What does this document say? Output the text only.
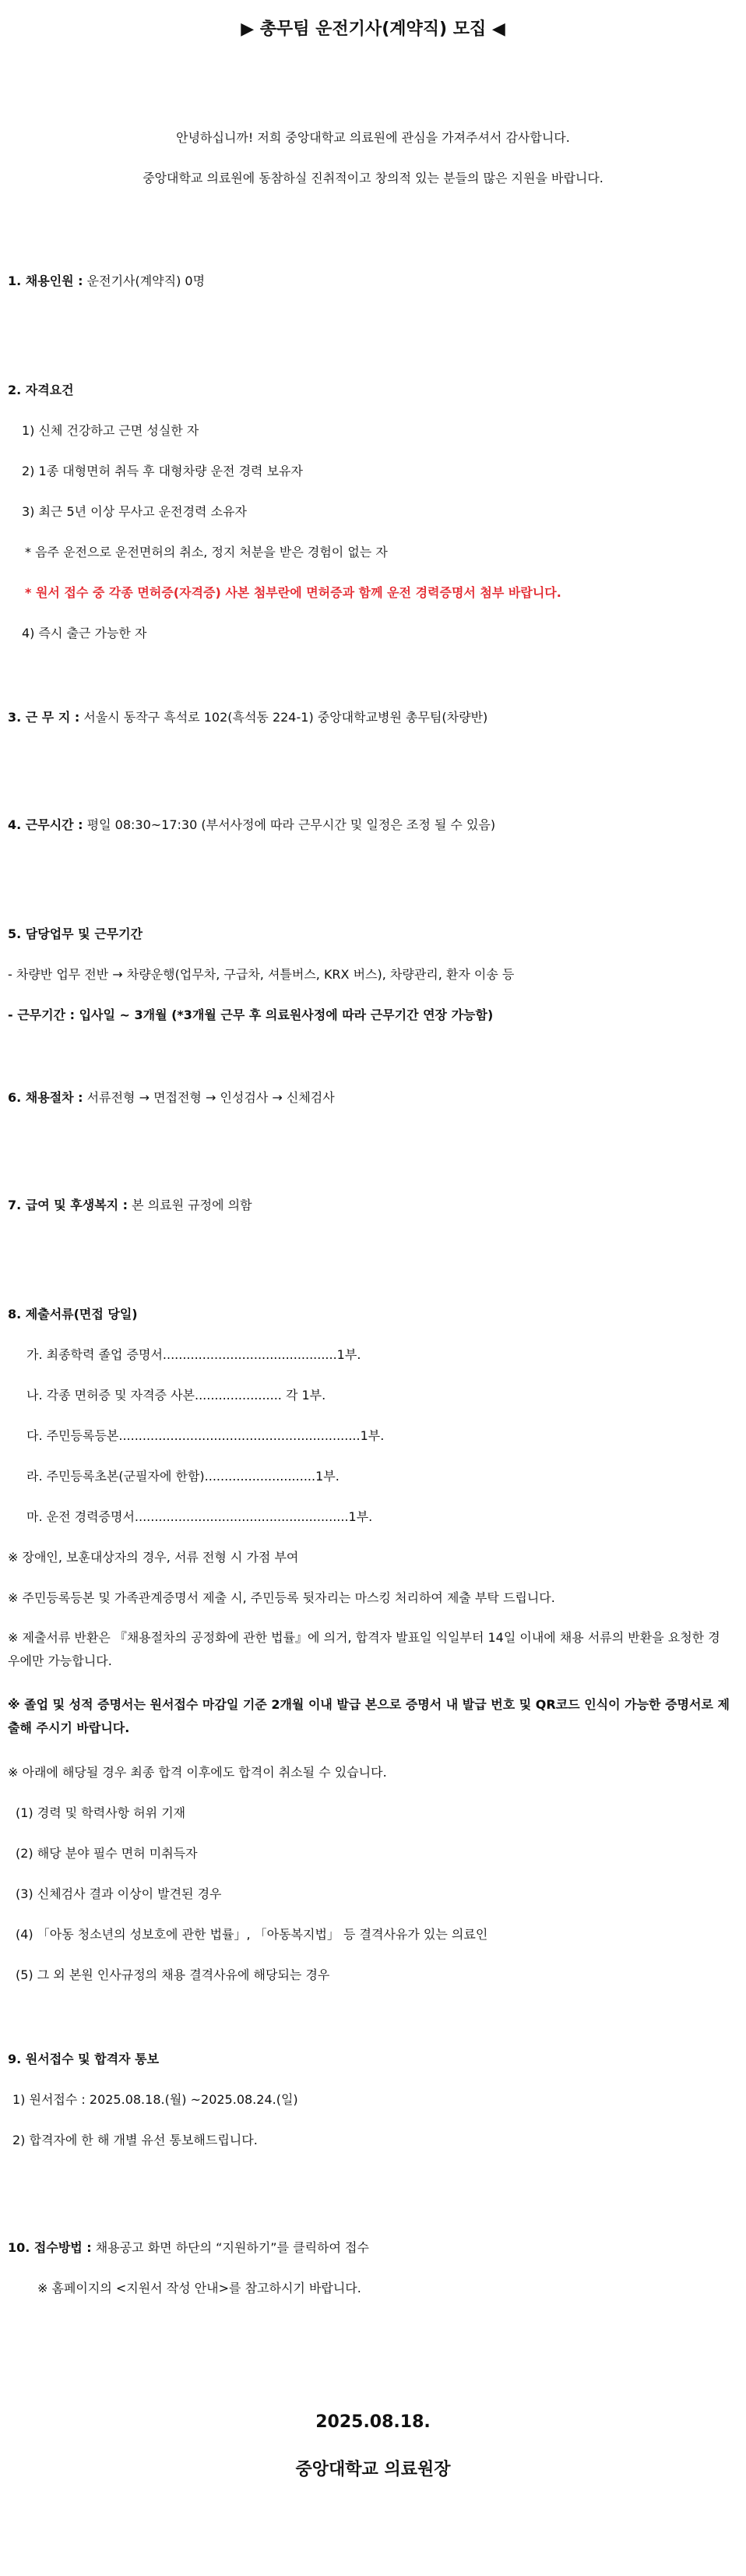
▶ 총무팀 운전기사(계약직) 모집 ◀
안녕하십니까! 저희 중앙대학교 의료원에 관심을 가져주셔서 감사합니다.
중앙대학교 의료원에 동참하실 진취적이고 창의적 있는 분들의 많은 지원을 바랍니다.
1. 채용인원 : 운전기사(계약직) 0명
2. 자격요건
1) 신체 건강하고 근면 성실한 자
2) 1종 대형면허 취득 후 대형차량 운전 경력 보유자
3) 최근 5년 이상 무사고 운전경력 소유자
* 음주 운전으로 운전면허의 취소, 정지 처분을 받은 경험이 없는 자
* 원서 접수 중 각종 면허증(자격증) 사본 첨부란에 면허증과 함께 운전 경력증명서 첨부 바랍니다.
4) 즉시 출근 가능한 자
3. 근 무 지 : 서울시 동작구 흑석로 102(흑석동 224-1) 중앙대학교병원 총무팀(차량반)
4. 근무시간 : 평일 08:30~17:30 (부서사정에 따라 근무시간 및 일정은 조정 될 수 있음)
5. 담당업무 및 근무기간
- 차량반 업무 전반 → 차량운행(업무차, 구급차, 셔틀버스, KRX 버스), 차량관리, 환자 이송 등
- 근무기간 : 입사일 ~ 3개월 (*3개월 근무 후 의료원사정에 따라 근무기간 연장 가능함)
6. 채용절차 : 서류전형 → 면접전형 → 인성검사 → 신체검사
7. 급여 및 후생복지 : 본 의료원 규정에 의함
8. 제출서류(면접 당일)
가. 최종학력 졸업 증명서............................................1부.
나. 각종 면허증 및 자격증 사본...................... 각 1부.
다. 주민등록등본.............................................................1부.
라. 주민등록초본(군필자에 한함)............................1부.
마. 운전 경력증명서......................................................1부.
※ 장애인, 보훈대상자의 경우, 서류 전형 시 가점 부여
※ 주민등록등본 및 가족관계증명서 제출 시, 주민등록 뒷자리는 마스킹 처리하여 제출 부탁 드립니다.
※ 제출서류 반환은 『채용절차의 공정화에 관한 법률』에 의거, 합격자 발표일 익일부터 14일 이내에 채용 서류의 반환을 요청한 경우에만 가능합니다.
※ 졸업 및 성적 증명서는 원서접수 마감일 기준 2개월 이내 발급 본으로 증명서 내 발급 번호 및 QR코드 인식이 가능한 증명서로 제출해 주시기 바랍니다.
※ 아래에 해당될 경우 최종 합격 이후에도 합격이 취소될 수 있습니다.
(1) 경력 및 학력사항 허위 기재
(2) 해당 분야 필수 면허 미취득자
(3) 신체검사 결과 이상이 발견된 경우
(4) 「아동 청소년의 성보호에 관한 법률」, 「아동복지법」 등 결격사유가 있는 의료인
(5) 그 외 본원 인사규정의 채용 결격사유에 해당되는 경우
9. 원서접수 및 합격자 통보
1) 원서접수 : 2025.08.18.(월) ~2025.08.24.(일)
2) 합격자에 한 해 개별 유선 통보해드립니다.
10. 접수방법 : 채용공고 화면 하단의 “지원하기”를 클릭하여 접수
※ 홈페이지의 <지원서 작성 안내>를 참고하시기 바랍니다.
2025.08.18.
중앙대학교 의료원장
